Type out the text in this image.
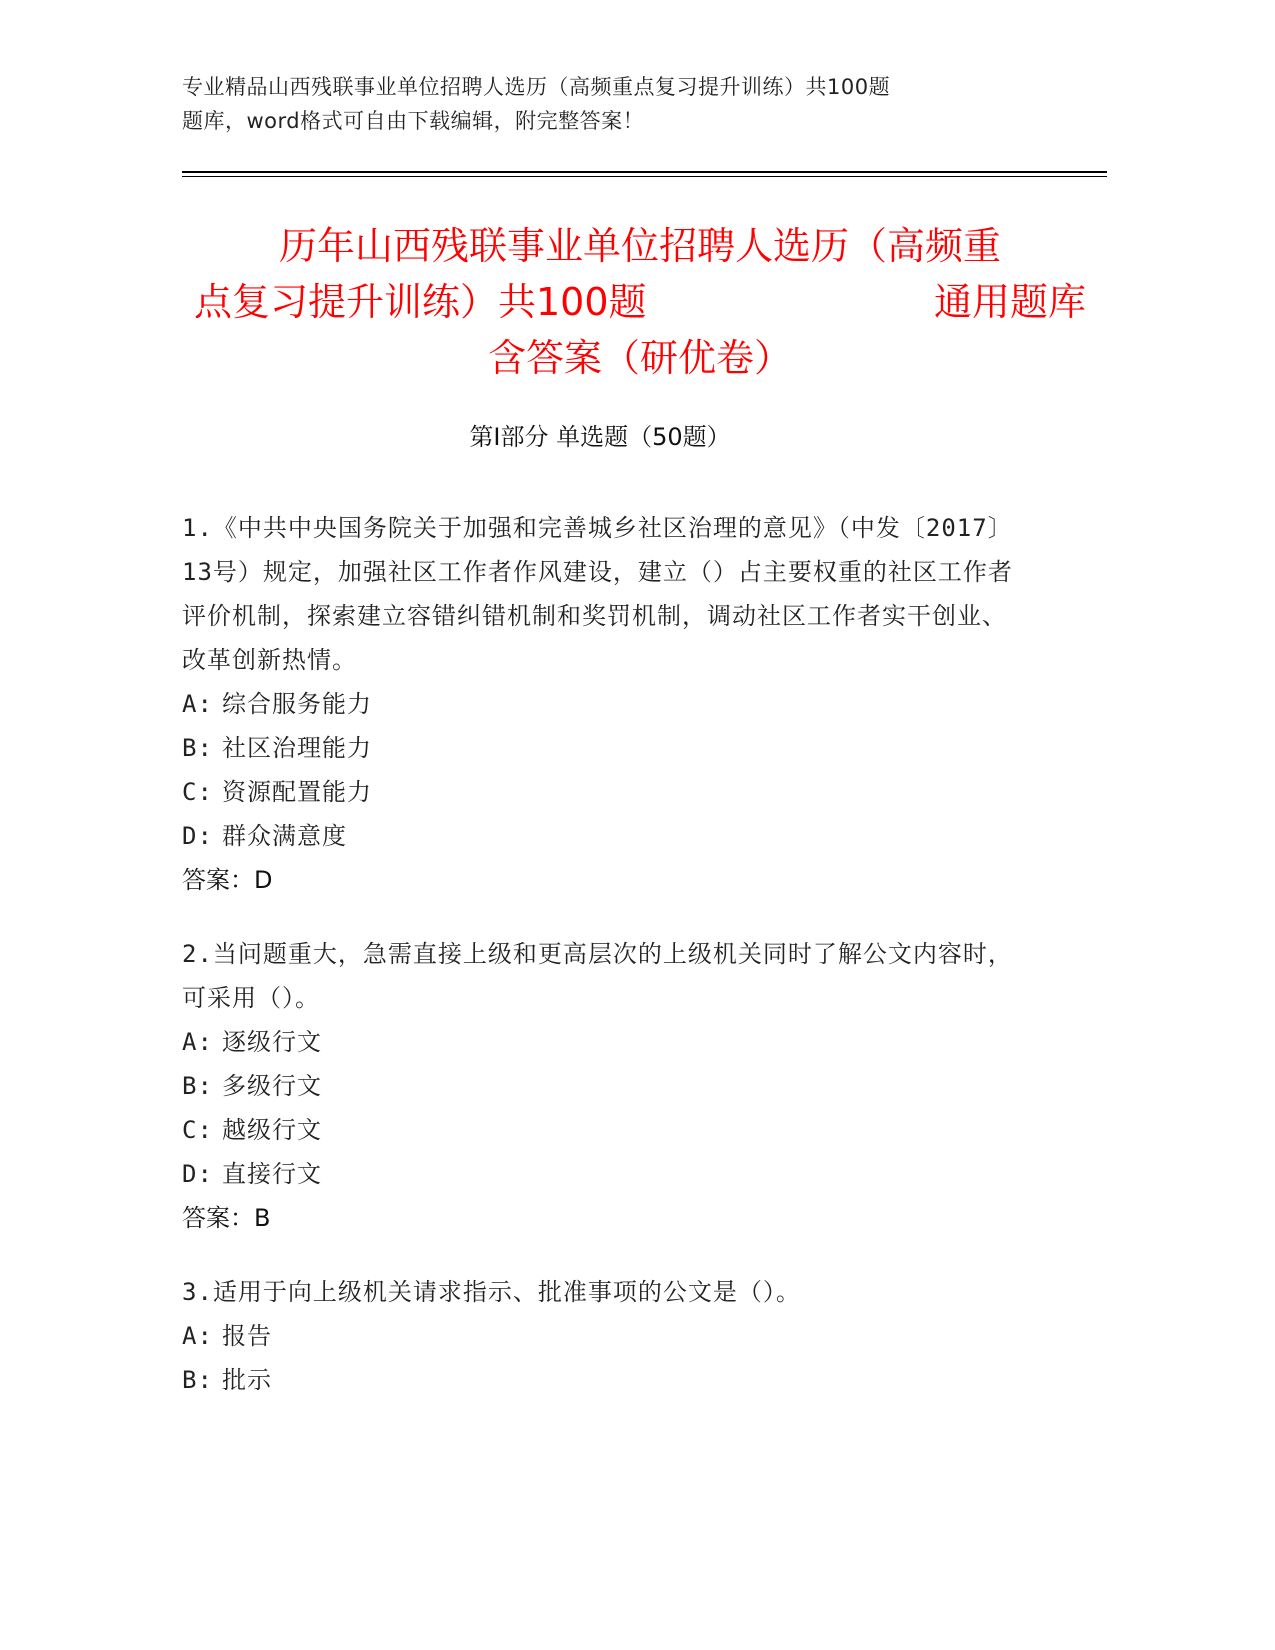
专业精品山西残联事业单位招聘人选历（高频重点复习提升训练）共100题
题库，word格式可自由下载编辑，附完整答案！
历年山西残联事业单位招聘人选历（高频重
点复习提升训练）共100题	通用题库
含答案（研优卷）
第Ⅰ部分 单选题（50题）
1.《中共中央国务院关于加强和完善城乡社区治理的意见》（中发〔2017〕13号）规定，加强社区工作者作风建设，建立（）占主要权重的社区工作者评价机制，探索建立容错纠错机制和奖罚机制，调动社区工作者实干创业、改革创新热情。
A: 综合服务能力
B: 社区治理能力
C: 资源配置能力
D: 群众满意度
答案：D
2.当问题重大，急需直接上级和更高层次的上级机关同时了解公文内容时，可采用（）。
A: 逐级行文
B: 多级行文
C: 越级行文
D: 直接行文
答案：B
3.适用于向上级机关请求指示、批准事项的公文是（）。
A: 报告
B: 批示
